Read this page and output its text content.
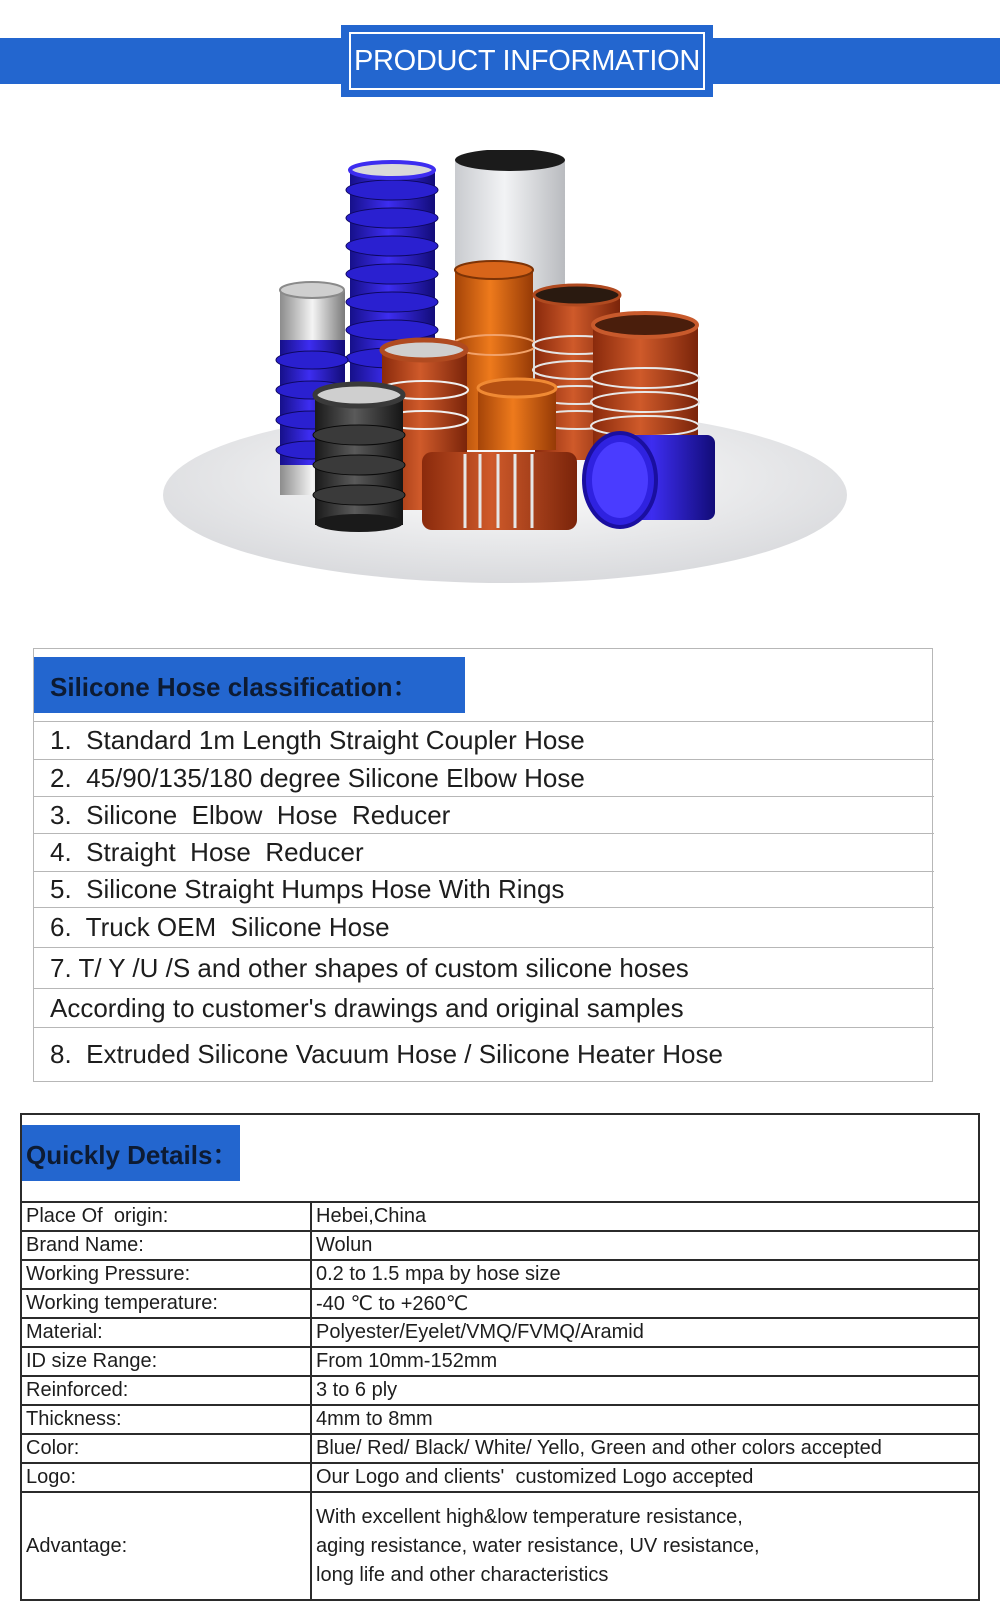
PRODUCT INFORMATION
Silicone Hose classification：
1.  Standard 1m Length Straight Coupler Hose
2.  45/90/135/180 degree Silicone Elbow Hose
3.  Silicone  Elbow  Hose  Reducer
4.  Straight  Hose  Reducer
5.  Silicone Straight Humps Hose With Rings
6.  Truck OEM  Silicone Hose
7. T/ Y /U /S and other shapes of custom silicone hoses
According to customer's drawings and original samples
8.  Extruded Silicone Vacuum Hose / Silicone Heater Hose
Quickly Details：
Place Of  origin:	Hebei,China
Brand Name:	Wolun
Working Pressure:	0.2 to 1.5 mpa by hose size
Working temperature:	-40 ℃ to +260℃
Material:	Polyester/Eyelet/VMQ/FVMQ/Aramid
ID size Range:	From 10mm-152mm
Reinforced:	3 to 6 ply
Thickness:	4mm to 8mm
Color:	Blue/ Red/ Black/ White/ Yello, Green and other colors accepted
Logo:	Our Logo and clients'  customized Logo accepted
Advantage:
With excellent high&low temperature resistance,
aging resistance, water resistance, UV resistance,
long life and other characteristics
